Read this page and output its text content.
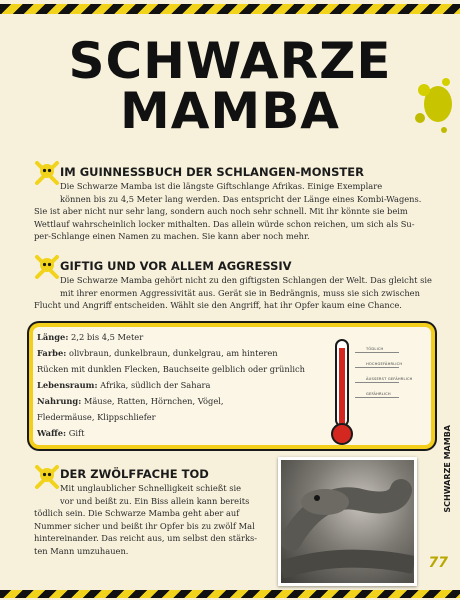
SCHWARZE
MAMBA
IM GUINNESSBUCH DER SCHLANGEN-MONSTER
Die Schwarze Mamba ist die längste Giftschlange Afrikas. Einige Exemplare
können bis zu 4,5 Meter lang werden. Das entspricht der Länge eines Kombi-Wagens.
Sie ist aber nicht nur sehr lang, sondern auch noch sehr schnell. Mit ihr könnte sie beim
Wettlauf wahrscheinlich locker mithalten. Das allein würde schon reichen, um sich als Su-
per-Schlange einen Namen zu machen. Sie kann aber noch mehr.
GIFTIG UND VOR ALLEM AGGRESSIV
Die Schwarze Mamba gehört nicht zu den giftigsten Schlangen der Welt. Das gleicht sie
mit ihrer enormen Aggressivität aus. Gerät sie in Bedrängnis, muss sie sich zwischen
Flucht und Angriff entscheiden. Wählt sie den Angriff, hat ihr Opfer kaum eine Chance.
Länge: 2,2 bis 4,5 Meter
Farbe: olivbraun, dunkelbraun, dunkelgrau, am hinteren
Rücken mit dunklen Flecken, Bauchseite gelblich oder grünlich
Lebensraum: Afrika, südlich der Sahara
Nahrung: Mäuse, Ratten, Hörnchen, Vögel,
Fledermäuse, Klippschliefer
Waffe: Gift
TÖDLICH
HOCHGEFÄHRLICH
ÄUSSERST GEFÄHRLICH
GEFÄHRLICH
DER ZWÖLFFACHE TOD
Mit unglaublicher Schnelligkeit schießt sie
vor und beißt zu. Ein Biss allein kann bereits
tödlich sein. Die Schwarze Mamba geht aber auf
Nummer sicher und beißt ihr Opfer bis zu zwölf Mal
hintereinander. Das reicht aus, um selbst den stärks-
ten Mann umzuhauen.
SCHWARZE MAMBA
77
